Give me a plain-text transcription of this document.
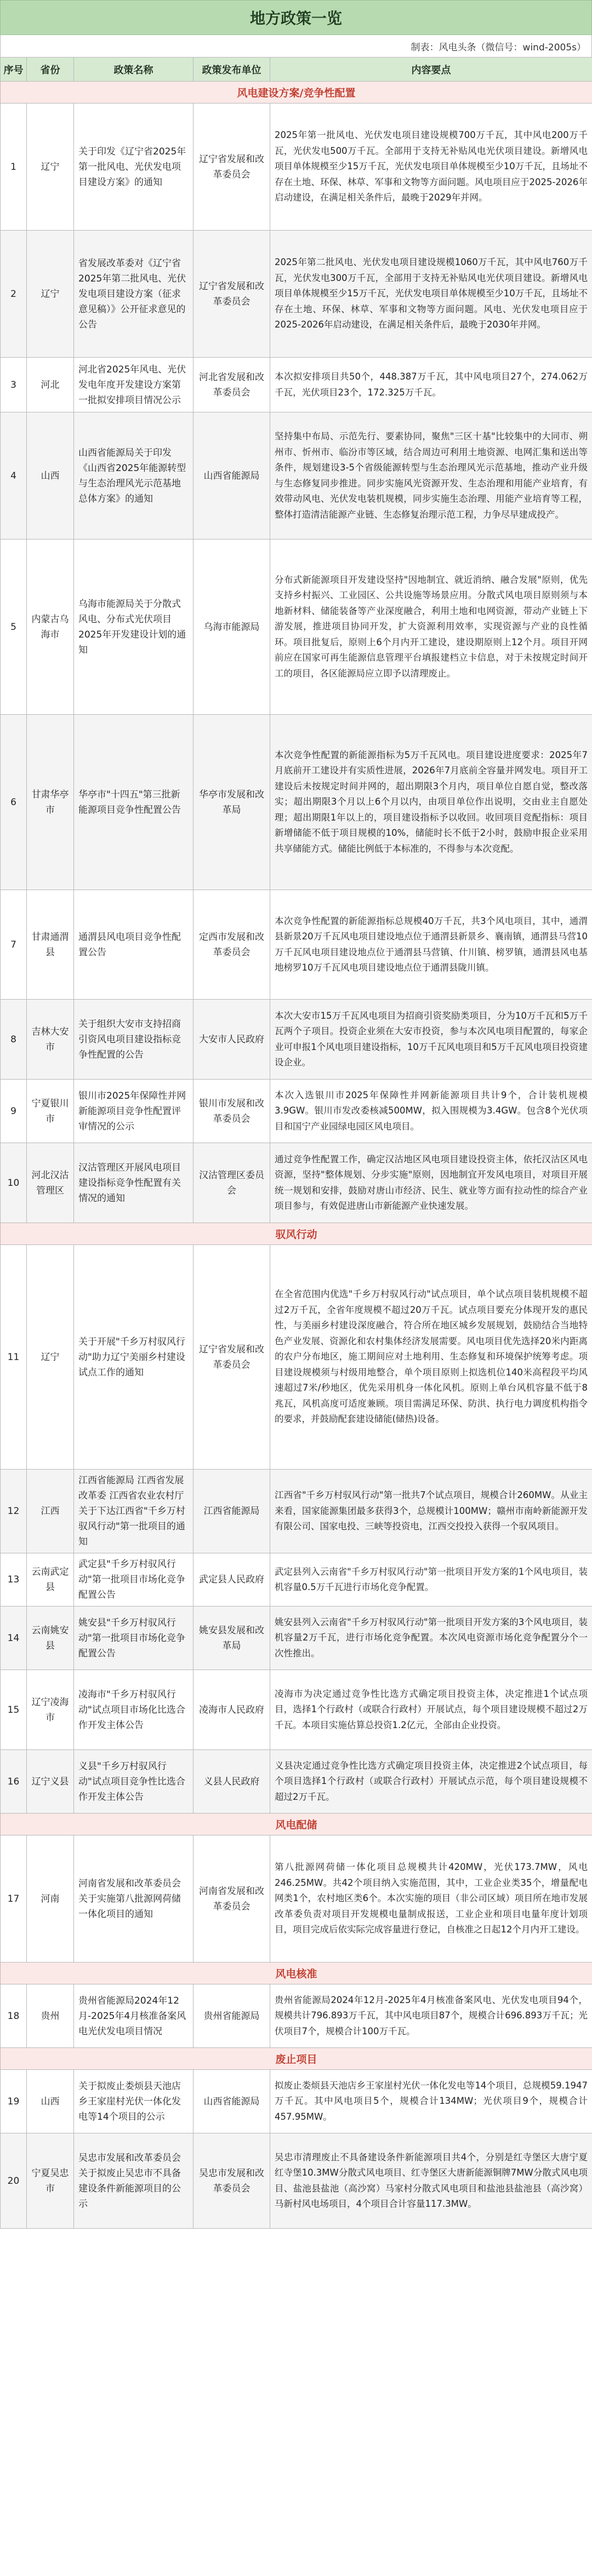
地方政策一览
制表：风电头条（微信号：wind-2005s）
序号	省份	政策名称	政策发布单位	内容要点
风电建设方案/竞争性配置				
1	辽宁	关于印发《辽宁省2025年第一批风电、光伏发电项目建设方案》的通知	辽宁省发展和改革委员会	2025年第一批风电、光伏发电项目建设规模700万千瓦，其中风电200万千瓦，光伏发电500万千瓦。全部用于支持无补贴风电光伏项目建设。新增风电项目单体规模至少15万千瓦，光伏发电项目单体规模至少10万千瓦，且场址不存在土地、环保、林草、军事和文物等方面问题。风电项目应于2025-2026年启动建设，在满足相关条件后，最晚于2029年并网。
2	辽宁	省发展改革委对《辽宁省2025年第二批风电、光伏发电项目建设方案（征求意见稿）》公开征求意见的公告	辽宁省发展和改革委员会	2025年第二批风电、光伏发电项目建设规模1060万千瓦，其中风电760万千瓦，光伏发电300万千瓦，全部用于支持无补贴风电光伏项目建设。新增风电项目单体规模至少15万千瓦，光伏发电项目单体规模至少10万千瓦，且场址不存在土地、环保、林草、军事和文物等方面问题。风电、光伏发电项目应于2025-2026年启动建设，在满足相关条件后，最晚于2030年并网。
3	河北	河北省2025年风电、光伏发电年度开发建设方案第一批拟安排项目情况公示	河北省发展和改革委员会	本次拟安排项目共50个，448.387万千瓦，其中风电项目27个，274.062万千瓦，光伏项目23个，172.325万千瓦。
4	山西	山西省能源局关于印发《山西省2025年能源转型与生态治理风光示范基地总体方案》的通知	山西省能源局	坚持集中布局、示范先行、要素协同，聚焦"三区十基"比较集中的大同市、朔州市、忻州市、临汾市等区域，结合周边可利用土地资源、电网汇集和送出等条件，规划建设3-5个省级能源转型与生态治理风光示范基地，推动产业升级与生态修复同步推进。同步实施风光资源开发、生态治理和用能产业培育，有效带动风电、光伏发电装机规模，同步实施生态治理、用能产业培育等工程，整体打造清洁能源产业链、生态修复治理示范工程，力争尽早建成投产。
5	内蒙古乌海市	乌海市能源局关于分散式风电、分布式光伏项目2025年开发建设计划的通知	乌海市能源局	分布式新能源项目开发建设坚持"因地制宜、就近消纳、融合发展"原则，优先支持乡村振兴、工业园区、公共设施等场景应用。分散式风电项目原则须与本地新材料、储能装备等产业深度融合，利用土地和电网资源，带动产业链上下游发展，推进项目协同开发，扩大资源利用效率，实现资源与产业的良性循环。项目批复后，原则上6个月内开工建设，建设期原则上12个月。项目开网前应在国家可再生能源信息管理平台填报建档立卡信息，对于未按规定时间开工的项目，各区能源局应立即予以清理废止。
6	甘肃华亭市	华亭市"十四五"第三批新能源项目竞争性配置公告	华亭市发展和改革局	本次竞争性配置的新能源指标为5万千瓦风电。项目建设进度要求：2025年7月底前开工建设并有实质性进展，2026年7月底前全容量并网发电。项目开工建设后未按规定时间并网的，超出期限3个月内，项目单位自愿自觉，整改落实；超出期限3个月以上6个月以内，由项目单位作出说明，交由业主自愿处理；超出期限1年以上的，项目建设指标予以收回。收回项目竞配指标：项目新增储能不低于项目规模的10%，储能时长不低于2小时，鼓励申报企业采用共享储能方式。储能比例低于本标准的，不得参与本次竞配。
7	甘肃通渭县	通渭县风电项目竞争性配置公告	定西市发展和改革委员会	本次竞争性配置的新能源指标总规模40万千瓦，共3个风电项目，其中，通渭县新景20万千瓦风电项目建设地点位于通渭县新景乡、襄南镇，通渭县马营10万千瓦风电项目建设地点位于通渭县马营镇、什川镇、榜罗镇，通渭县风电基地榜罗10万千瓦风电项目建设地点位于通渭县陇川镇。
8	吉林大安市	关于组织大安市支持招商引资风电项目建设指标竞争性配置的公告	大安市人民政府	本次大安市15万千瓦风电项目为招商引资奖励类项目，分为10万千瓦和5万千瓦两个子项目。投资企业须在大安市投资，参与本次风电项目配置的，每家企业可申报1个风电项目建设指标，10万千瓦风电项目和5万千瓦风电项目投资建设企业。
9	宁夏银川市	银川市2025年保障性并网新能源项目竞争性配置评审情况的公示	银川市发展和改革委员会	本次入选银川市2025年保障性并网新能源项目共计9个，合计装机规模3.9GW。银川市发改委核减500MW，拟入围规模为3.4GW。包含8个光伏项目和国宁产业园绿电园区风电项目。
10	河北汉沽管理区	汉沽管理区开展风电项目建设指标竞争性配置有关情况的通知	汉沽管理区委员会	通过竞争性配置工作，确定汉沽地区风电项目建设投资主体，依托汉沽区风电资源，坚持"整体规划、分步实施"原则，因地制宜开发风电项目，对项目开展统一规划和安排，鼓励对唐山市经济、民生、就业等方面有拉动性的综合产业项目参与，有效促进唐山市新能源产业快速发展。
驭风行动				
11	辽宁	关于开展"千乡万村驭风行动"助力辽宁美丽乡村建设试点工作的通知	辽宁省发展和改革委员会	在全省范围内优选"千乡万村驭风行动"试点项目，单个试点项目装机规模不超过2万千瓦，全省年度规模不超过20万千瓦。试点项目要充分体现开发的惠民性，与美丽乡村建设深度融合，符合所在地区城乡发展规划，鼓励结合当地特色产业发展、资源化和农村集体经济发展需要。风电项目优先选择20米内距离的农户分布地区，施工期间应对土地利用、生态修复和环境保护统筹考虑。项目建设规模须与村级用地整合，单个项目原则上拟选机位140米高程段平均风速超过7米/秒地区，优先采用机身一体化风机。原则上单台风机容量不低于8兆瓦，风机高度可适度兼顾。项目需满足环保、防洪、执行电力调度机构指令的要求，并鼓励配套建设储能(储热)设备。
12	江西	江西省能源局 江西省发展改革委 江西省农业农村厅关于下达江西省"千乡万村驭风行动"第一批项目的通知	江西省能源局	江西省"千乡万村驭风行动"第一批共7个试点项目，规模合计260MW。从业主来看，国家能源集团最多获得3个，总规模计100MW；赣州市南岭新能源开发有限公司、国家电投、三峡等投资电，江西交投投入获得一个驭风项目。
13	云南武定县	武定县"千乡万村驭风行动"第一批项目市场化竞争配置公告	武定县人民政府	武定县列入云南省"千乡万村驭风行动"第一批项目开发方案的1个风电项目，装机容量0.5万千瓦进行市场化竞争配置。
14	云南姚安县	姚安县"千乡万村驭风行动"第一批项目市场化竞争配置公告	姚安县发展和改革局	姚安县列入云南省"千乡万村驭风行动"第一批项目开发方案的3个风电项目，装机容量2万千瓦，进行市场化竞争配置。本次风电资源市场化竞争配置分个一次性推出。
15	辽宁凌海市	凌海市"千乡万村驭风行动"试点项目市场化比选合作开发主体公告	凌海市人民政府	凌海市为决定通过竞争性比选方式确定项目投资主体，决定推进1个试点项目，选择1个行政村（或联合行政村）开展试点，每个项目建设规模不超过2万千瓦。本项目实施估算总投资1.2亿元，全部由企业投资。
16	辽宁义县	义县"千乡万村驭风行动"试点项目竞争性比选合作开发主体公告	义县人民政府	义县决定通过竞争性比选方式确定项目投资主体，决定推进2个试点项目，每个项目选择1个行政村（或联合行政村）开展试点示范，每个项目建设规模不超过2万千瓦。
风电配储				
17	河南	河南省发展和改革委员会关于实施第八批源网荷储一体化项目的通知	河南省发展和改革委员会	第八批源网荷储一体化项目总规模共计420MW，光伏173.7MW，风电246.25MW。共42个项目纳入实施范围，其中，工业企业类35个，增量配电网类1个，农村地区类6个。本次实施的项目（非公司区域）项目所在地市发展改革委负责对项目开发规模电量制成报送，工业企业和项目电量年度计划项目，项目完成后依实际完成容量进行登记，自核准之日起12个月内开工建设。
风电核准				
18	贵州	贵州省能源局2024年12月-2025年4月核准备案风电光伏发电项目情况	贵州省能源局	贵州省能源局2024年12月-2025年4月核准备案风电、光伏发电项目94个，规模共计796.893万千瓦，其中风电项目87个，规模合计696.893万千瓦；光伏项目7个，规模合计100万千瓦。
废止项目				
19	山西	关于拟废止娄烦县天池店乡王家崖村光伏一体化发电等14个项目的公示	山西省能源局	拟废止娄烦县天池店乡王家崖村光伏一体化发电等14个项目，总规模59.1947万千瓦。其中风电项目5个，规模合计134MW；光伏项目9个，规模合计457.95MW。
20	宁夏吴忠市	吴忠市发展和改革委员会关于拟废止吴忠市不具备建设条件新能源项目的公示	吴忠市发展和改革委员会	吴忠市清理废止不具备建设条件新能源项目共4个，分别是红寺堡区大唐宁夏红寺堡10.3MW分散式风电项目、红寺堡区大唐新能源铜牌7MW分散式风电项目、盐池县盐池（高沙窝）马家村分散式风电项目和盐池县盐池县（高沙窝）马新村风电场项目，4个项目合计容量117.3MW。
